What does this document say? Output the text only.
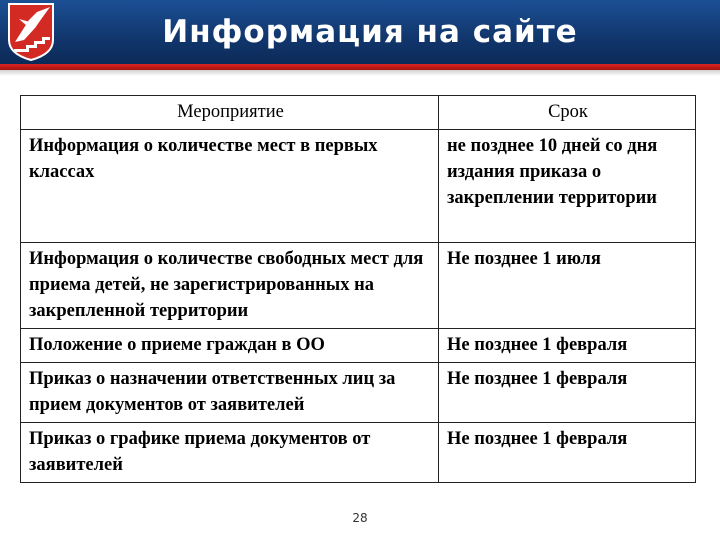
Информация на сайте
Мероприятие	Срок
Информация о количестве мест в первых классах	не позднее 10 дней со дня издания приказа о закреплении территории
Информация о количестве свободных мест для приема детей, не зарегистрированных на закрепленной территории	Не позднее 1 июля
Положение о приеме граждан в ОО	Не позднее 1 февраля
Приказ о назначении ответственных лиц за прием документов от заявителей	Не позднее 1 февраля
Приказ о графике приема документов от заявителей	Не позднее 1 февраля
28
